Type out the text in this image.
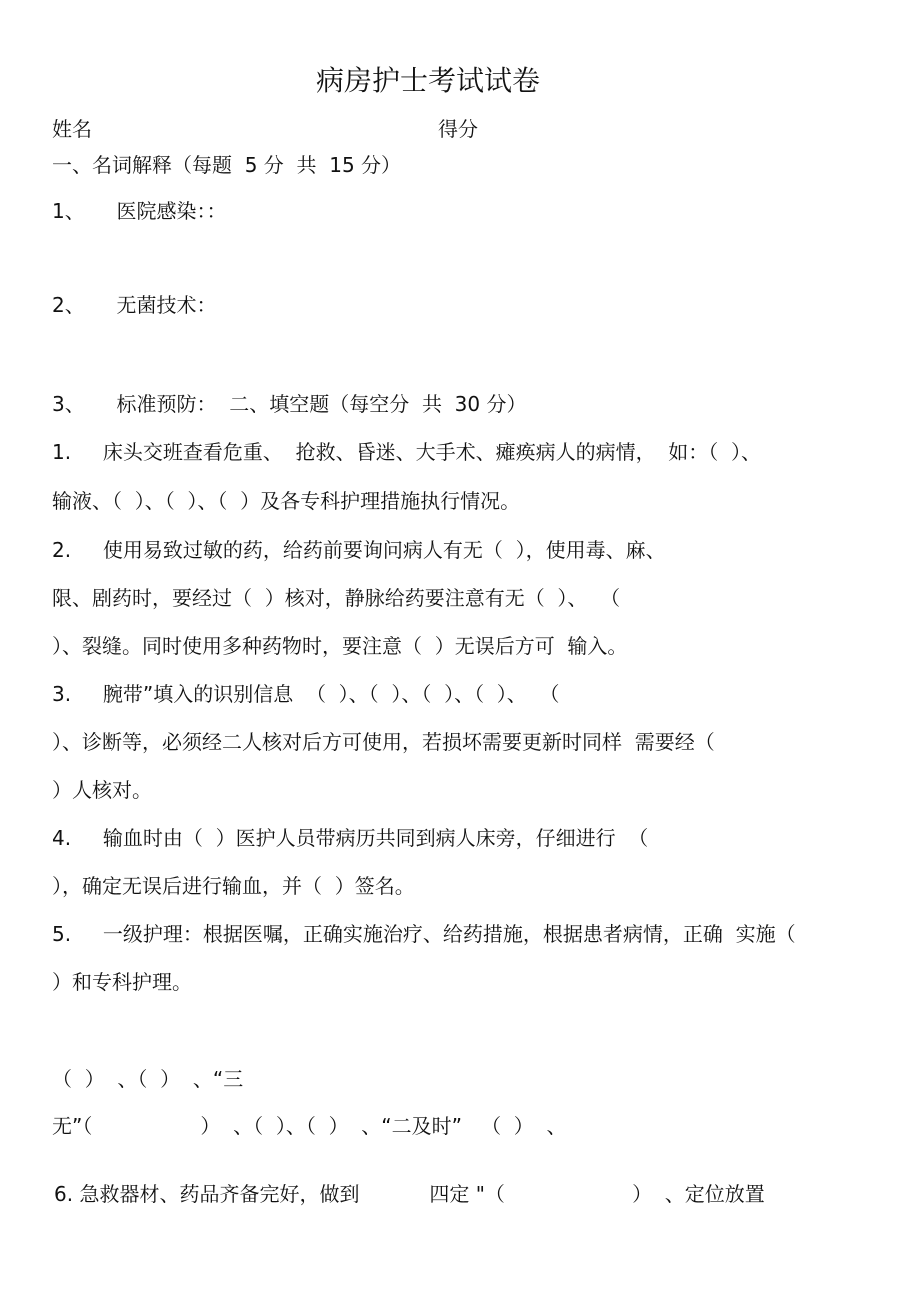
病房护士考试试卷
姓名	得分
一、名词解释（每题  5 分  共  15 分）
1、     医院感染：：
2、     无菌技术：
3、     标准预防：  二、填空题（每空分  共  30 分）
1.     床头交班查看危重、  抢救、昏迷、大手术、瘫痪病人的病情，  如：（  ）、
输液、（  ）、（  ）、（  ）及各专科护理措施执行情况。
2.     使用易致过敏的药，给药前要询问病人有无（  ），使用毒、麻、
限、剧药时，要经过（  ）核对，静脉给药要注意有无（  ）、  （
）、裂缝。同时使用多种药物时，要注意（  ）无误后方可  输入。
3.     腕带”填入的识别信息  （  ）、（  ）、（  ）、（  ）、  （
）、诊断等，必须经二人核对后方可使用，若损坏需要更新时同样  需要经（
）人核对。
4.     输血时由（  ）医护人员带病历共同到病人床旁，仔细进行  （
），确定无误后进行输血，并（  ）签名。
5.     一级护理：根据医嘱，正确实施治疗、给药措施，根据患者病情，正确  实施（
）和专科护理。
（  ）  、（  ）  、“三
无”（                 ）  、（  ）、（  ）  、“二及时”   （  ）  、
6. 急救器材、药品齐备完好，做到           四定 "（                    ）  、定位放置
